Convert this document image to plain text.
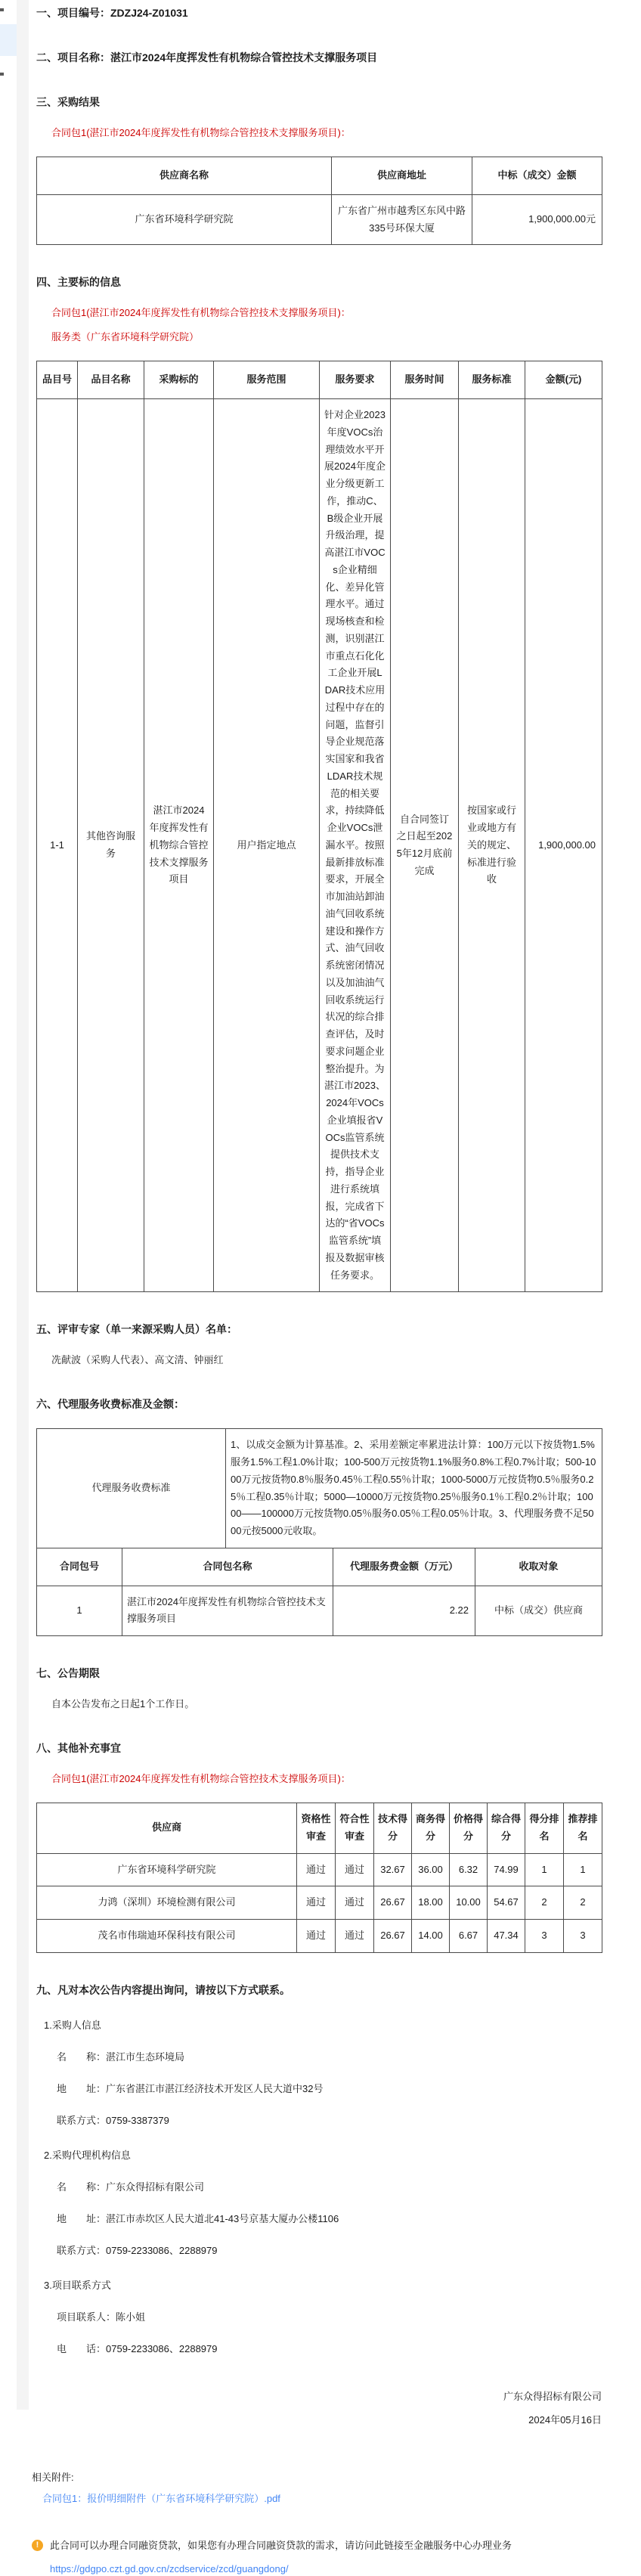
一、项目编号：ZDZJ24-Z01031
二、项目名称：湛江市2024年度挥发性有机物综合管控技术支撑服务项目
三、采购结果

合同包1(湛江市2024年度挥发性有机物综合管控技术支撑服务项目)：

供应商名称	供应商地址	中标（成交）金额
广东省环境科学研究院	广东省广州市越秀区东风中路335号环保大厦	1,900,000.00元
四、主要标的信息

合同包1(湛江市2024年度挥发性有机物综合管控技术支撑服务项目)：

服务类（广东省环境科学研究院）

品目号	品目名称	采购标的	服务范围	服务要求	服务时间	服务标准	金额(元)
1-1	其他咨询服务	湛江市2024年度挥发性有机物综合管控技术支撑服务项目	用户指定地点	针对企业2023年度VOCs治理绩效水平开展2024年度企业分级更新工作，推动C、B级企业开展升级治理，提高湛江市VOCs企业精细化、差异化管理水平。通过现场核查和检测，识别湛江市重点石化化工企业开展LDAR技术应用过程中存在的问题，监督引导企业规范落实国家和我省LDAR技术规范的相关要求，持续降低企业VOCs泄漏水平。按照最新排放标准要求，开展全市加油站卸油油气回收系统建设和操作方式、油气回收系统密闭情况以及加油油气回收系统运行状况的综合排查评估，及时要求问题企业整治提升。为湛江市2023、2024年VOCs企业填报省VOCs监管系统提供技术支持，指导企业进行系统填报，完成省下达的“省VOCs监管系统”填报及数据审核任务要求。	自合同签订之日起至2025年12月底前完成	按国家或行业或地方有关的规定、标准进行验收	1,900,000.00
五、评审专家（单一来源采购人员）名单：

冼献波（采购人代表）、高文清、钟丽红

六、代理服务收费标准及金额：
代理服务收费标准	1、以成交金额为计算基准。2、采用差额定率累进法计算：100万元以下按货物1.5%服务1.5%工程1.0%计取；100-500万元按货物1.1%服务0.8%工程0.7%计取；500-1000万元按货物0.8％服务0.45％工程0.55％计取；1000-5000万元按货物0.5％服务0.25％工程0.35％计取；5000—10000万元按货物0.25％服务0.1％工程0.2％计取；10000——100000万元按货物0.05％服务0.05％工程0.05％计取。3、代理服务费不足5000元按5000元收取。
合同包号	合同包名称	代理服务费金额（万元）	收取对象
1	湛江市2024年度挥发性有机物综合管控技术支撑服务项目	2.22	中标（成交）供应商
七、公告期限

自本公告发布之日起1个工作日。

八、其他补充事宜

合同包1(湛江市2024年度挥发性有机物综合管控技术支撑服务项目)：

供应商	资格性审查	符合性审查	技术得分	商务得分	价格得分	综合得分	得分排名	推荐排名
广东省环境科学研究院	通过	通过	32.67	36.00	6.32	74.99	1	1
力鸿（深圳）环境检测有限公司	通过	通过	26.67	18.00	10.00	54.67	2	2
茂名市伟瑞迪环保科技有限公司	通过	通过	26.67	14.00	6.67	47.34	3	3
九、凡对本次公告内容提出询问，请按以下方式联系。

1.采购人信息

名　　称：湛江市生态环境局

地　　址：广东省湛江市湛江经济技术开发区人民大道中32号

联系方式：0759-3387379

2.采购代理机构信息

名　　称：广东众得招标有限公司

地　　址：湛江市赤坎区人民大道北41-43号京基大厦办公楼1106

联系方式：0759-2233086、2288979

3.项目联系方式

项目联系人：陈小姐

电　　话：0759-2233086、2288979

广东众得招标有限公司
2024年05月16日
相关附件:
合同包1：报价明细附件（广东省环境科学研究院）.pdf
!	此合同可以办理合同融资贷款，如果您有办理合同融资贷款的需求，请访问此链接至金融服务中心办理业务
https://gdgpo.czt.gd.gov.cn/zcdservice/zcd/guangdong/
